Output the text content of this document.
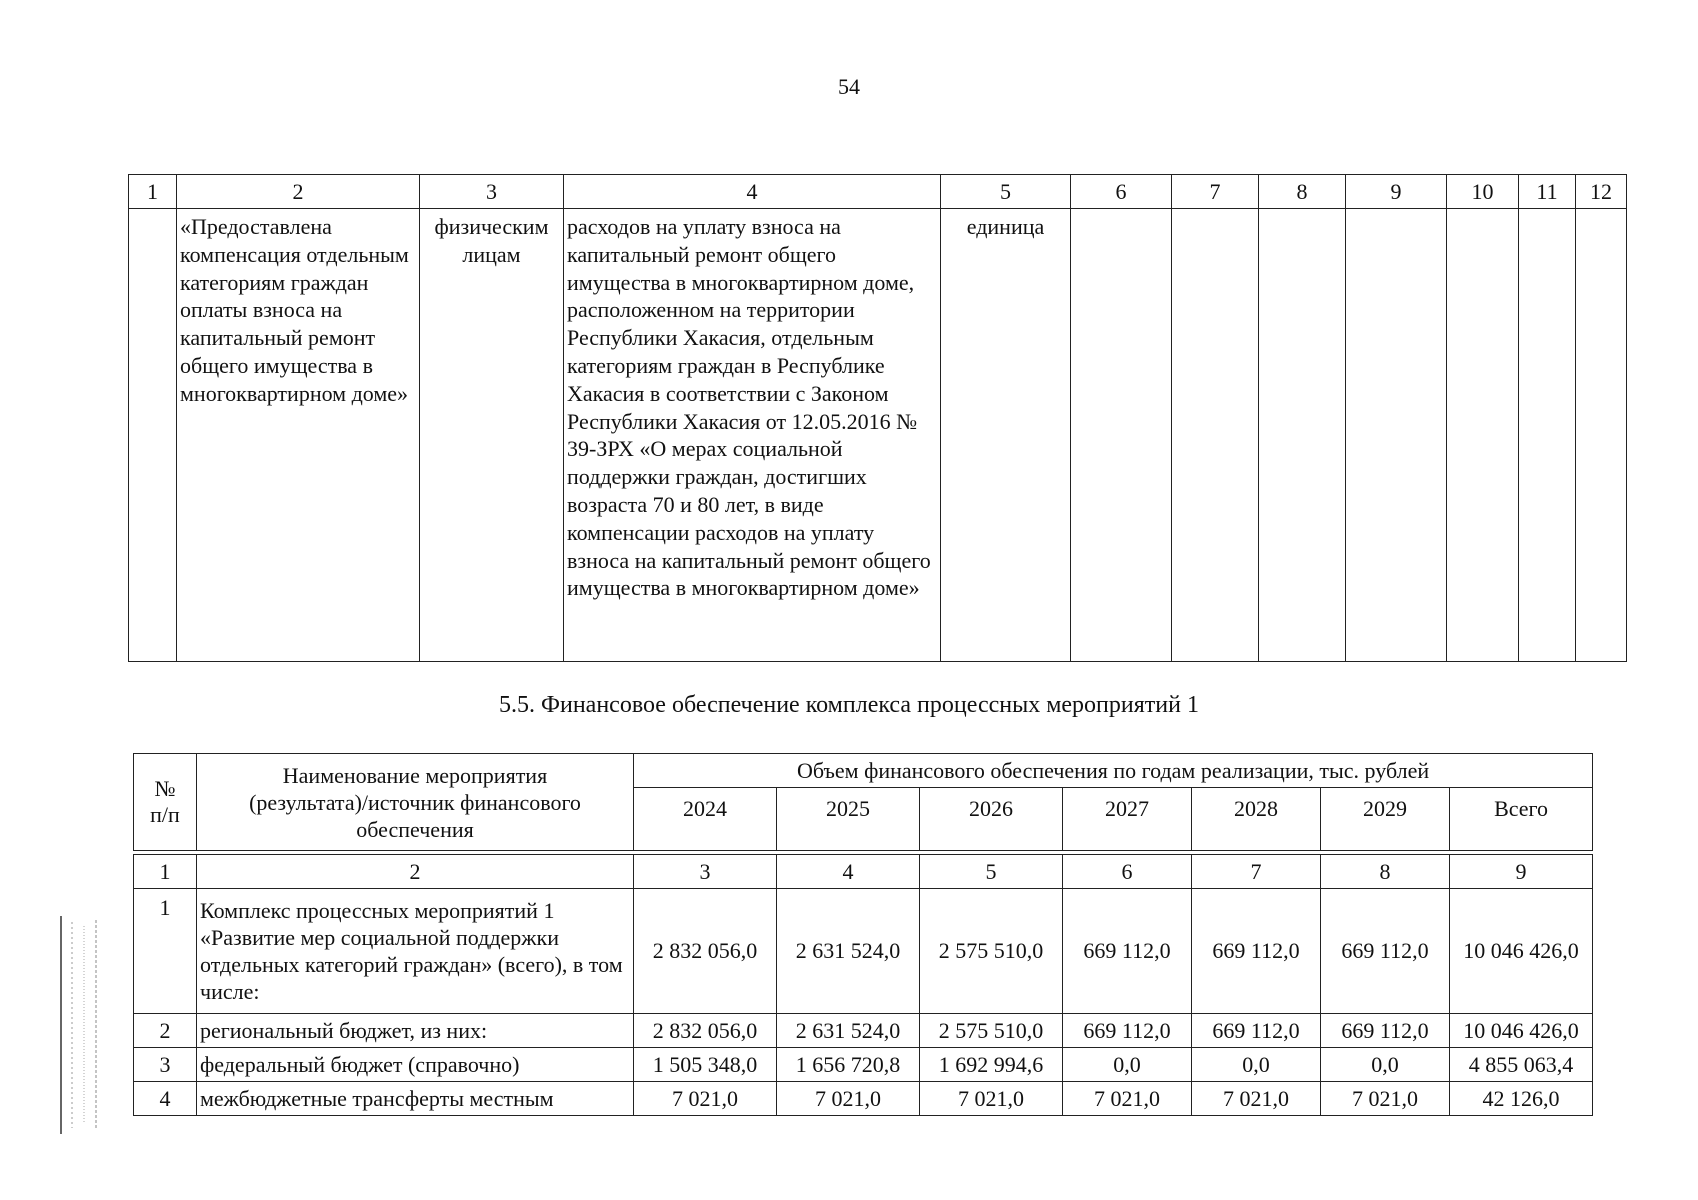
54
1	2	3	4	5	6	7	8	9	10	11	12

	«Предоставлена компенсация отдельным категориям граждан оплаты взноса на капитальный ремонт общего имущества в многоквартирном доме»	физическим лицам	расходов на уплату взноса на капитальный ремонт общего имущества в многоквартирном доме, расположенном на территории Республики Хакасия, отдельным категориям граждан в Республике Хакасия в соответствии с Законом Республики Хакасия от 12.05.2016 № 39-ЗРХ «О мерах социальной поддержки граждан, достигших возраста 70 и 80 лет, в виде компенсации расходов на уплату взноса на капитальный ремонт общего имущества в многоквартирном доме»	единица							

5.5. Финансовое обеспечение комплекса процессных мероприятий 1
№ п/п	Наименование мероприятия (результата)/источник финансового обеспечения	Объем финансового обеспечения по годам реализации, тыс. рублей						
		2024	2025	2026	2027	2028	2029	Всего

1	2	3	4	5	6	7	8	9
1	Комплекс процессных мероприятий 1 «Развитие мер социальной поддержки отдельных категорий граждан» (всего), в том числе:	2 832 056,0	2 631 524,0	2 575 510,0	669 112,0	669 112,0	669 112,0	10 046 426,0
2	региональный бюджет, из них:	2 832 056,0	2 631 524,0	2 575 510,0	669 112,0	669 112,0	669 112,0	10 046 426,0
3	федеральный бюджет (справочно)	1 505 348,0	1 656 720,8	1 692 994,6	0,0	0,0	0,0	4 855 063,4
4	межбюджетные трансферты местным	7 021,0	7 021,0	7 021,0	7 021,0	7 021,0	7 021,0	42 126,0
